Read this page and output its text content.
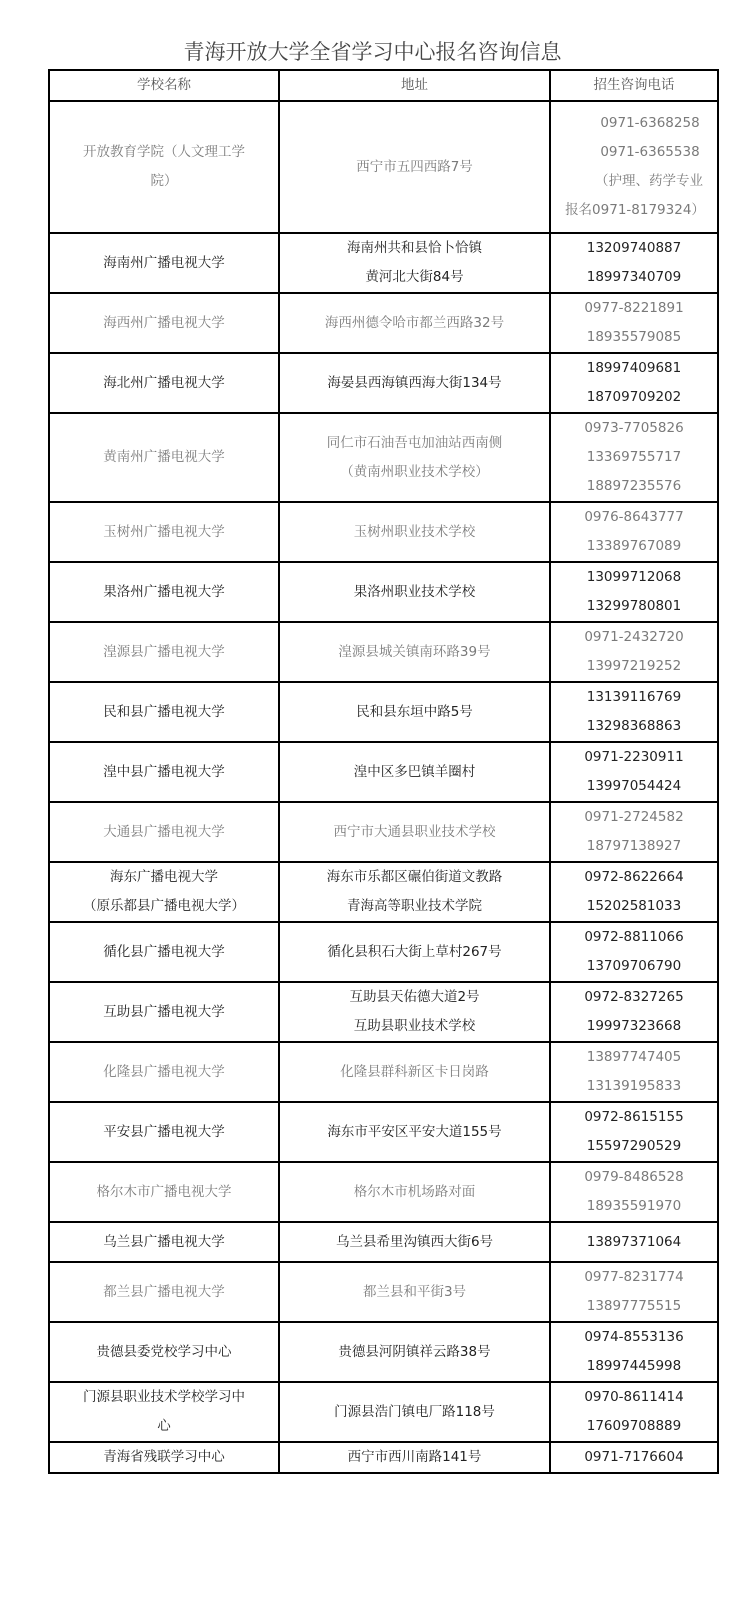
青海开放大学全省学习中心报名咨询信息
学校名称	地址	招生咨询电话

开放教育学院（人文理工学
院）	西宁市五四西路7号	0971-6368258
0971-6365538
（护理、药学专业
报名0971-8179324）

海南州广播电视大学	海南州共和县恰卜恰镇
黄河北大街84号	13209740887
18997340709

海西州广播电视大学	海西州德令哈市都兰西路32号	0977-8221891
18935579085

海北州广播电视大学	海晏县西海镇西海大街134号	18997409681
18709709202

黄南州广播电视大学	同仁市石油吾屯加油站西南侧
（黄南州职业技术学校）	0973-7705826
13369755717
18897235576

玉树州广播电视大学	玉树州职业技术学校	0976-8643777
13389767089

果洛州广播电视大学	果洛州职业技术学校	13099712068
13299780801

湟源县广播电视大学	湟源县城关镇南环路39号	0971-2432720
13997219252

民和县广播电视大学	民和县东垣中路5号	13139116769
13298368863

湟中县广播电视大学	湟中区多巴镇羊圈村	0971-2230911
13997054424

大通县广播电视大学	西宁市大通县职业技术学校	0971-2724582
18797138927

海东广播电视大学
（原乐都县广播电视大学）	海东市乐都区碾伯街道文教路
青海高等职业技术学院	0972-8622664
15202581033

循化县广播电视大学	循化县积石大街上草村267号	0972-8811066
13709706790

互助县广播电视大学	互助县天佑德大道2号
互助县职业技术学校	0972-8327265
19997323668

化隆县广播电视大学	化隆县群科新区卡日岗路	13897747405
13139195833

平安县广播电视大学	海东市平安区平安大道155号	0972-8615155
15597290529

格尔木市广播电视大学	格尔木市机场路对面	0979-8486528
18935591970

乌兰县广播电视大学	乌兰县希里沟镇西大街6号	13897371064

都兰县广播电视大学	都兰县和平街3号	0977-8231774
13897775515

贵德县委党校学习中心	贵德县河阴镇祥云路38号	0974-8553136
18997445998

门源县职业技术学校学习中
心	门源县浩门镇电厂路118号	0970-8611414
17609708889

青海省残联学习中心	西宁市西川南路141号	0971-7176604
